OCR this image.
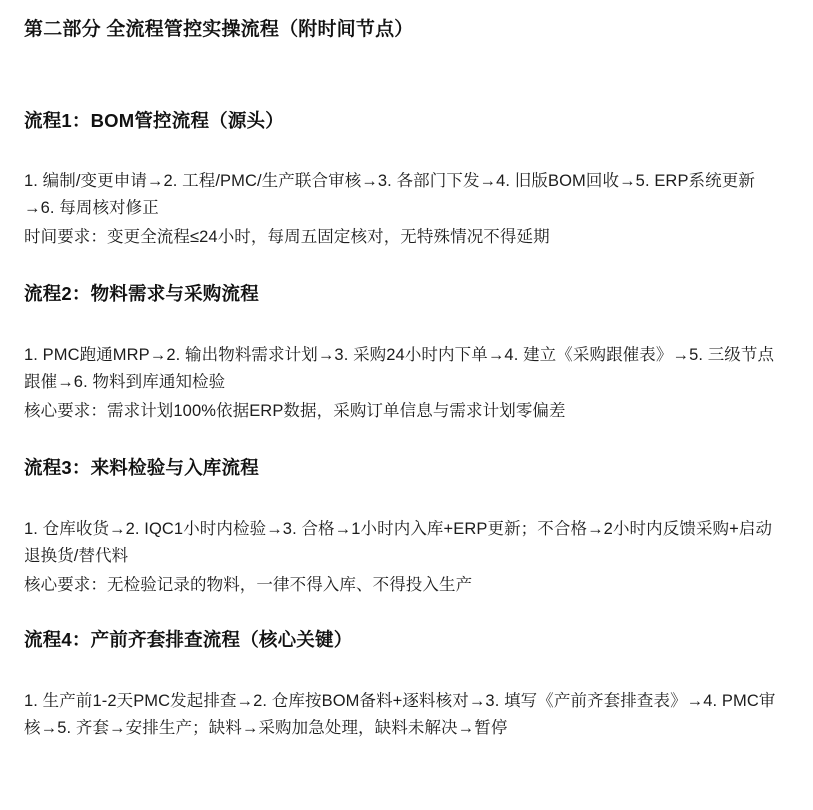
第二部分 全流程管控实操流程（附时间节点）
流程1：BOM管控流程（源头）
1. 编制/变更申请→2. 工程/PMC/生产联合审核→3. 各部门下发→4. 旧版BOM回收→5. ERP系统更新→6. 每周核对修正
时间要求：变更全流程≤24小时，每周五固定核对，无特殊情况不得延期
流程2：物料需求与采购流程
1. PMC跑通MRP→2. 输出物料需求计划→3. 采购24小时内下单→4. 建立《采购跟催表》→5. 三级节点跟催→6. 物料到库通知检验
核心要求：需求计划100%依据ERP数据，采购订单信息与需求计划零偏差
流程3：来料检验与入库流程
1. 仓库收货→2. IQC1小时内检验→3. 合格→1小时内入库+ERP更新；不合格→2小时内反馈采购+启动退换货/替代料
核心要求：无检验记录的物料，一律不得入库、不得投入生产
流程4：产前齐套排查流程（核心关键）
1. 生产前1-2天PMC发起排查→2. 仓库按BOM备料+逐料核对→3. 填写《产前齐套排查表》→4. PMC审核→5. 齐套→安排生产；缺料→采购加急处理，缺料未解决→暂停
